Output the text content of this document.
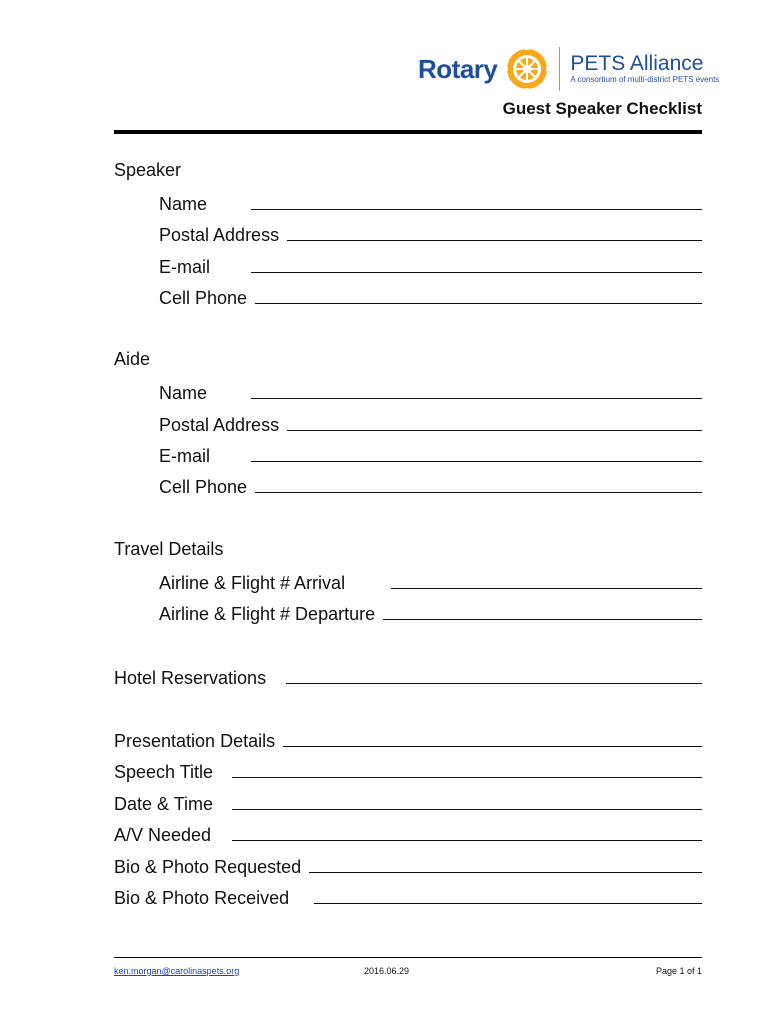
Rotary	PETS Alliance
A consortium of multi-district PETS events
Guest Speaker Checklist
Speaker
Name
Postal Address
E-mail
Cell Phone
Aide
Name
Postal Address
E-mail
Cell Phone
Travel Details
Airline & Flight # Arrival
Airline & Flight # Departure
Hotel Reservations
Presentation Details
Speech Title
Date & Time
A/V Needed
Bio & Photo Requested
Bio & Photo Received
ken.morgan@carolinaspets.org	2016.06.29	Page 1 of 1
